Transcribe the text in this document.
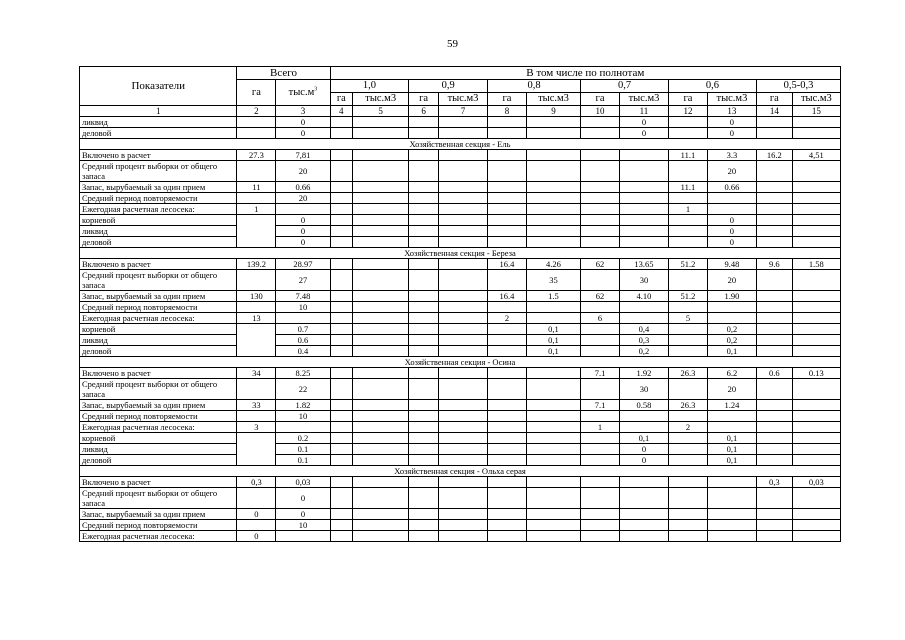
59
Показатели	Всего		В том числе по полнотам											
	га	$тыс.м^3$	1,0		0,9		0,8		0,7		0,6		0,5-0,3	
			га	тыс.м3	га	тыс.м3	га	тыс.м3	га	тыс.м3	га	тыс.м3	га	тыс.м3
1	2	3	4	5	6	7	8	9	10	11	12	13	14	15
ликвид		0								0		0		
деловой		0								0		0		
Хозяйственная секция - Ель														
Включено в расчет	27.3	7,81									11.1	3.3	16.2	4,51
Средний процент выборки от общего запаса		20										20		
Запас, вырубаемый за один прием	11	0.66									11.1	0.66		
Средний период повторяемости		20												
Ежегодная расчетная лесосека:	1										1			
корневой		0										0		
ликвид		0										0		
деловой		0										0		
Хозяйственная секция - Береза														
Включено в расчет	139.2	28.97					16.4	4.26	62	13.65	51.2	9.48	9.6	1.58
Средний процент выборки от общего запаса		27						35		30		20		
Запас, вырубаемый за один прием	130	7.48					16.4	1.5	62	4.10	51.2	1.90		
Средний период повторяемости		10												
Ежегодная расчетная лесосека:	13						2		6		5			
корневой		0.7						0,1		0,4		0,2		
ликвид		0.6						0,1		0,3		0,2		
деловой		0.4						0,1		0,2		0,1		
Хозяйственная секция - Осина														
Включено в расчет	34	8.25							7.1	1.92	26.3	6.2	0.6	0.13
Средний процент выборки от общего запаса		22								30		20		
Запас, вырубаемый за один прием	33	1.82							7.1	0.58	26.3	1.24		
Средний период повторяемости		10												
Ежегодная расчетная лесосека:	3								1		2			
корневой		0.2								0,1		0,1		
ликвид		0.1								0		0,1		
деловой		0.1								0		0,1		
Хозяйственная секция - Ольха серая														
Включено в расчет	0,3	0,03											0,3	0,03
Средний процент выборки от общего запаса		0												
Запас, вырубаемый за один прием	0	0												
Средний период повторяемости		10												
Ежегодная расчетная лесосека:	0													
